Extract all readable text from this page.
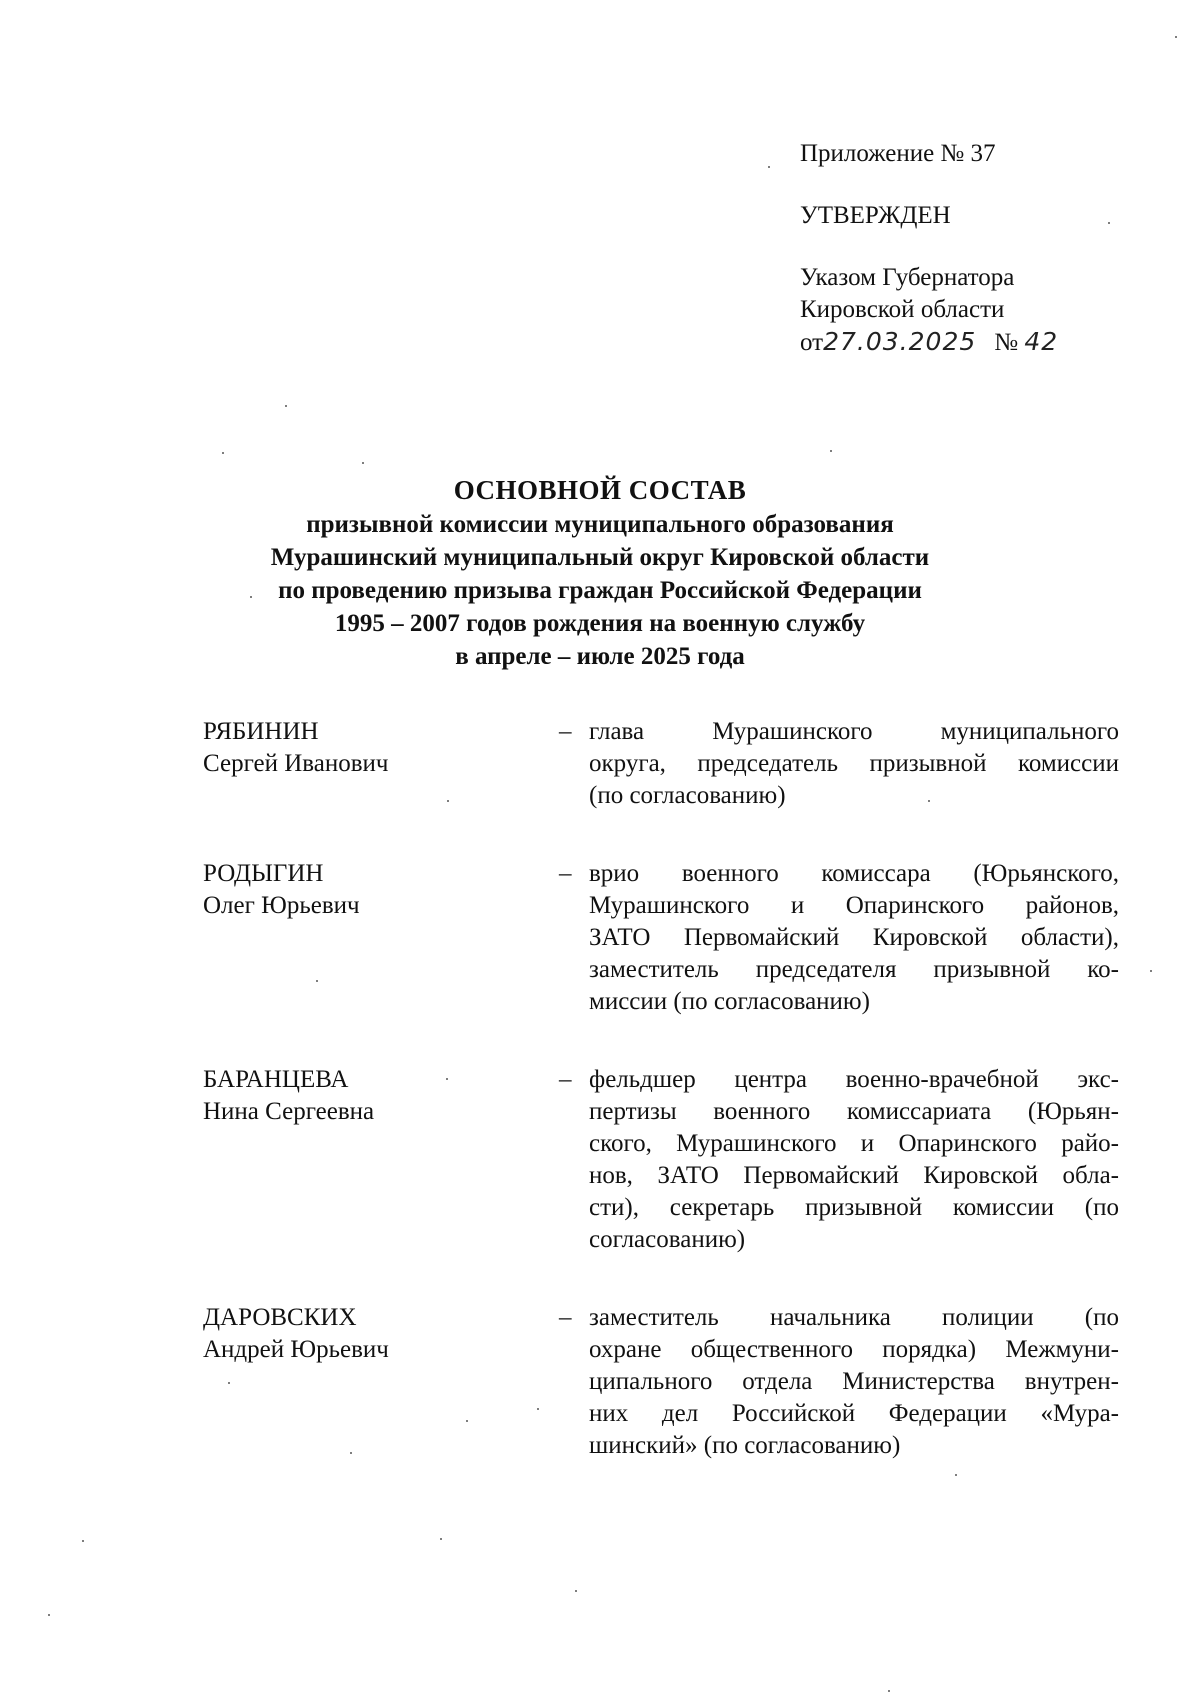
Приложение № 37
УТВЕРЖДЕН
Указом Губернатора
Кировской области
от27.03.2025 № 42
ОСНОВНОЙ СОСТАВ
призывной комиссии муниципального образования
Мурашинский муниципальный округ Кировской области
по проведению призыва граждан Российской Федерации
1995 – 2007 годов рождения на военную службу
в апреле – июле 2025 года
РЯБИНИН
Сергей Иванович
– глава Мурашинского муниципального
округа, председатель призывной комиссии
(по согласованию)
РОДЫГИН
Олег Юрьевич
– врио военного комиссара (Юрьянского,
Мурашинского и Опаринского районов,
ЗАТО Первомайский Кировской области),
заместитель председателя призывной ко-
миссии (по согласованию)
БАРАНЦЕВА
Нина Сергеевна
– фельдшер центра военно-врачебной экс-
пертизы военного комиссариата (Юрьян-
ского, Мурашинского и Опаринского райо-
нов, ЗАТО Первомайский Кировской обла-
сти), секретарь призывной комиссии (по
согласованию)
ДАРОВСКИХ
Андрей Юрьевич
– заместитель начальника полиции (по
охране общественного порядка) Межмуни-
ципального отдела Министерства внутрен-
них дел Российской Федерации «Мура-
шинский» (по согласованию)
